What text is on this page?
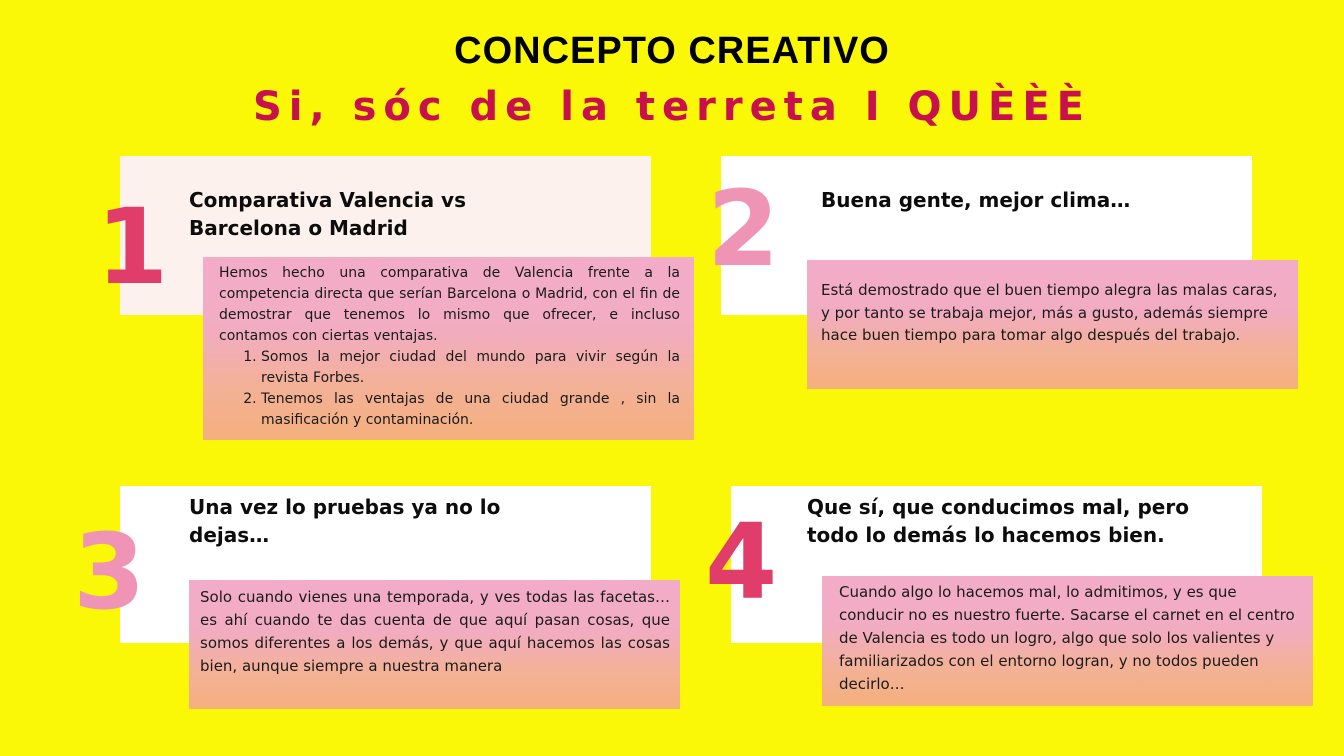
CONCEPTO CREATIVO
Si, sóc de la terreta I QUÈÈÈ
1 Comparativa Valencia vs
Barcelona o Madrid

Hemos hecho una comparativa de Valencia frente a la competencia directa que serían Barcelona o Madrid, con el fin de demostrar que tenemos lo mismo que ofrecer, e incluso contamos con ciertas ventajas.

1. Somos la mejor ciudad del mundo para vivir según la revista Forbes.
2. Tenemos las ventajas de una ciudad grande , sin la masificación y contaminación.
2 Buena gente, mejor clima…

Está demostrado que el buen tiempo alegra las malas caras, y por tanto se trabaja mejor, más a gusto, además siempre hace buen tiempo para tomar algo después del trabajo.

3
Una vez lo pruebas ya no lo
dejas…

Solo cuando vienes una temporada, y ves todas las facetas… es ahí cuando te das cuenta de que aquí pasan cosas, que somos diferentes a los demás, y que aquí hacemos las cosas bien, aunque siempre a nuestra manera

4 Que sí, que conducimos mal, pero
todo lo demás lo hacemos bien.

Cuando algo lo hacemos mal, lo admitimos, y es que conducir no es nuestro fuerte. Sacarse el carnet en el centro de Valencia es todo un logro, algo que solo los valientes y familiarizados con el entorno logran, y no todos pueden decirlo…
